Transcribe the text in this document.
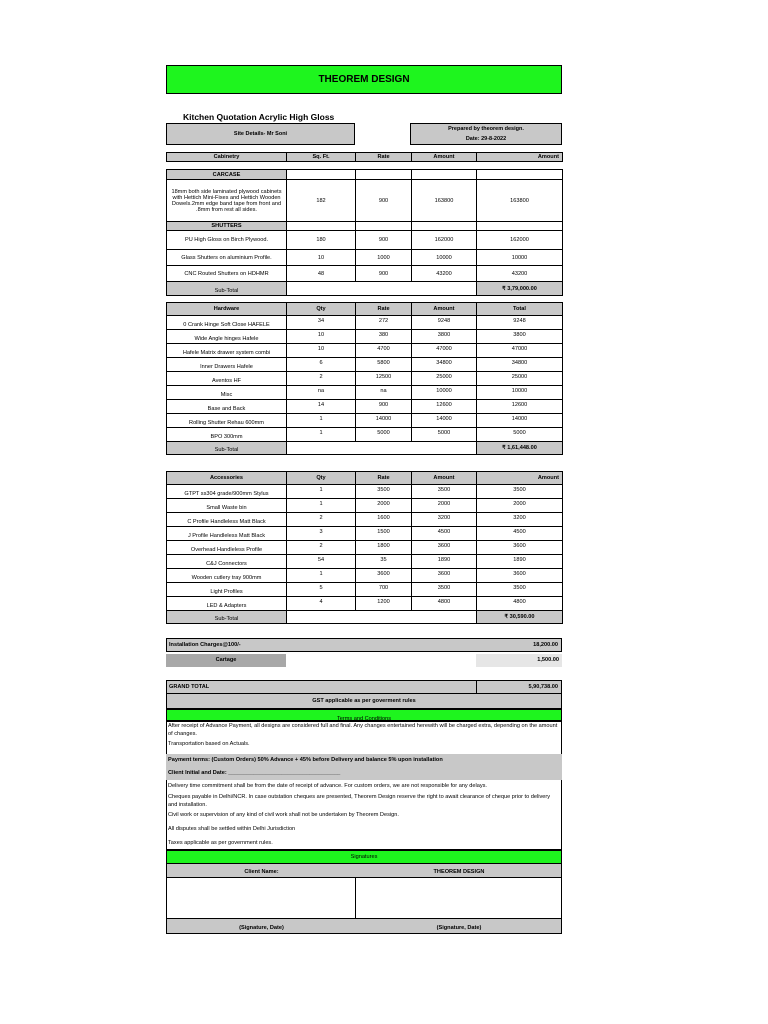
THEOREM DESIGN
Kitchen Quotation Acrylic High Gloss
Site Details- Mr Soni
Prepared by theorem design.
Date: 29-8-2022
Cabinetry	Sq. Ft.	Rate	Amount	Amount

CARCASE				
18mm both side laminated plywood cabinets with Hettich Mini-Fixes and Hettich Wooden Dowels.2mm edge band tape from front and .8mm from rest all sides.	182	900	163800	163800
SHUTTERS				
PU High Gloss on Birch Plywood.	180	900	162000	162000
Glass Shutters on aluminium Profile.	10	1000	10000	10000
CNC Routed Shutters on HDHMR	48	900	43200	43200
Sub-Total				₹ 3,79,000.00
Hardware	Qty	Rate	Amount	Total
0 Crank Hinge Soft Close HAFELE	34	272	9248	9248
Wide Angle hinges Hafele	10	380	3800	3800
Hafele Matrix drawer system combi	10	4700	47000	47000
Inner Drawers Hafele	6	5800	34800	34800
Aventos HF	2	12500	25000	25000
Misc	na	na	10000	10000
Base and Back	14	900	12600	12600
Rolling Shutter Rehau 600mm	1	14000	14000	14000
BPO 300mm	1	5000	5000	5000
Sub-Total				₹ 1,61,448.00
Accessories	Qty	Rate	Amount	Amount
GTPT ss304 grade/900mm Stylus	1	3500	3500	3500
Small Waste bin	1	2000	2000	2000
C Profile Handleless Matt Black	2	1600	3200	3200
J Profile Handleless Matt Black	3	1500	4500	4500
Overhead Handleless Profile	2	1800	3600	3600
C&J Connectors	54	35	1890	1890
Wooden cutlery tray 900mm	1	3600	3600	3600
Light Profiles	5	700	3500	3500
LED & Adapters	4	1200	4800	4800
Sub-Total				₹ 30,590.00
Installation Charges@100/-	18,200.00
Cartage	1,500.00
GRAND TOTAL	5,90,738.00
GST applicable as per goverment rules
Terms and Conditions
After receipt of Advance Payment, all designs are considered full and final. Any changes entertained herewith will be charged extra, depending on the amount of changes.
Transportation based on Actuals.
Payment terms: (Custom Orders) 50% Advance + 45% before Delivery and balance 5% upon installation
Client Initial and Date: ____________________________________
Delivery time commitment shall be from the date of receipt of advance. For custom orders, we are not responsible for any delays.
Cheques payable in Delhi/NCR. In case outstation cheques are presented, Theorem Design reserve the right to await clearance of cheque prior to delivery and installation.
Civil work or supervision of any kind of civil work shall not be undertaken by Theorem Design.
All disputes shall be settled within Delhi Jurisdiction
Taxes applicable as per government rules.
Signatures
Client Name:	THEOREM DESIGN
(Signature, Date)	(Signature, Date)
